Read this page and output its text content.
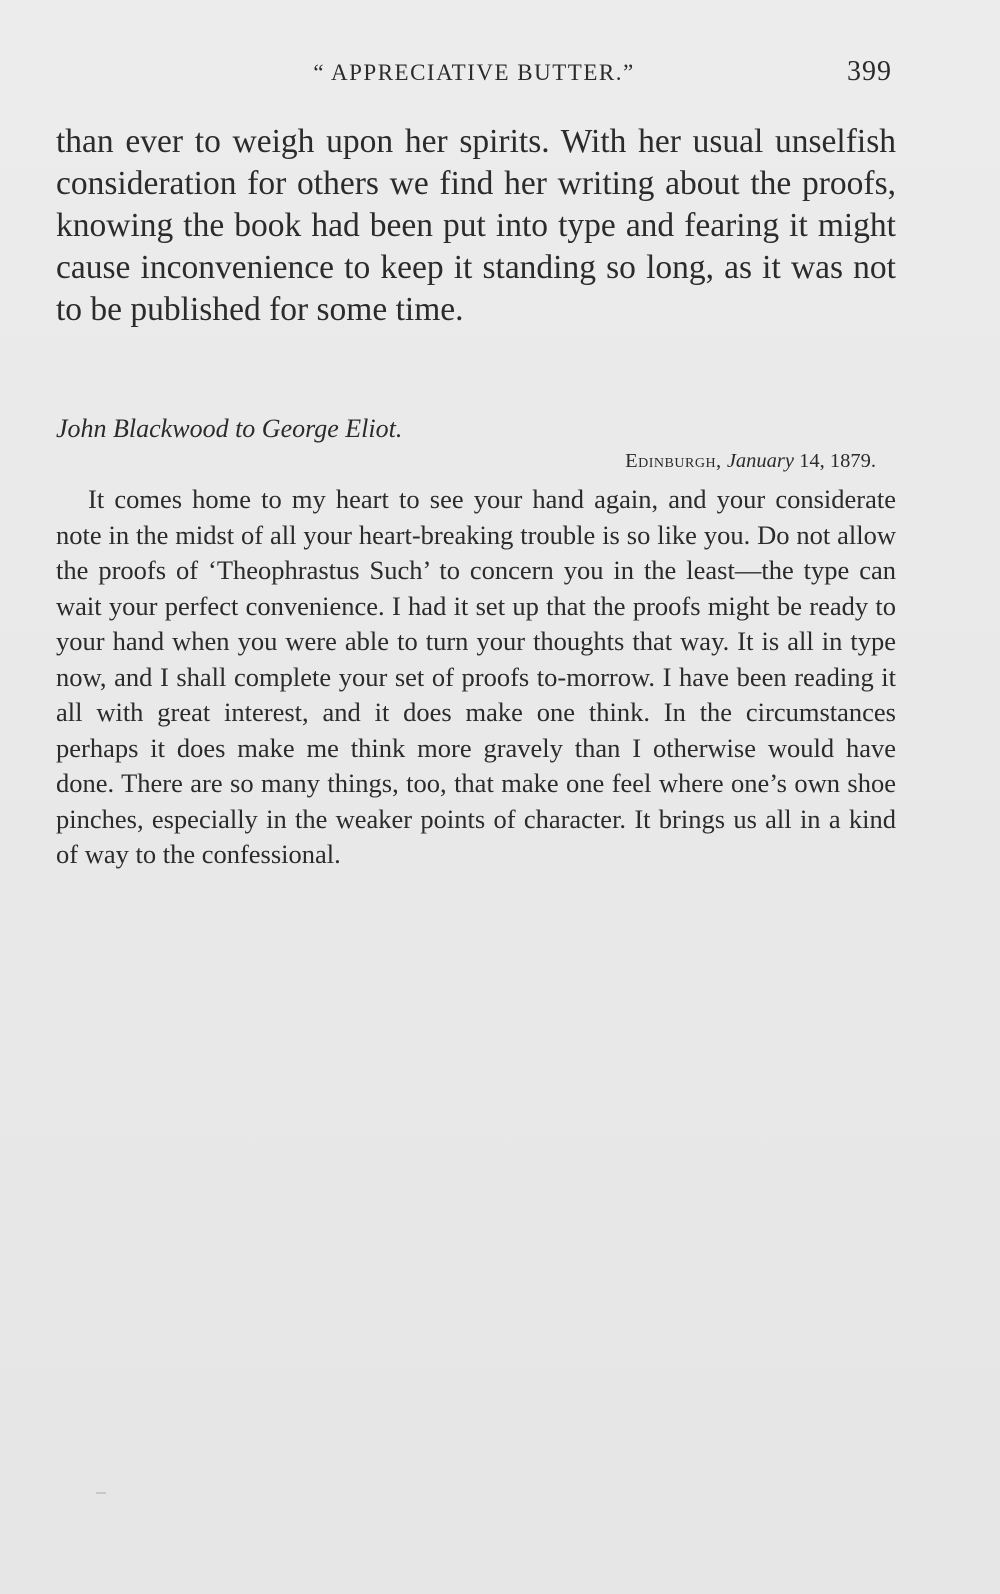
“ APPRECIATIVE BUTTER.”	399

than ever to weigh upon her spirits. With her usual unselfish consideration for others we find her writing about the proofs, knowing the book had been put into type and fearing it might cause inconvenience to keep it standing so long, as it was not to be published for some time.

John Blackwood to George Eliot.

Edinburgh, January 14, 1879.

It comes home to my heart to see your hand again, and your considerate note in the midst of all your heart-breaking trouble is so like you. Do not allow the proofs of ‘Theophrastus Such’ to concern you in the least—the type can wait your perfect convenience. I had it set up that the proofs might be ready to your hand when you were able to turn your thoughts that way. It is all in type now, and I shall complete your set of proofs to-morrow. I have been reading it all with great interest, and it does make one think. In the circumstances perhaps it does make me think more gravely than I otherwise would have done. There are so many things, too, that make one feel where one’s own shoe pinches, especially in the weaker points of character. It brings us all in a kind of way to the confessional.
